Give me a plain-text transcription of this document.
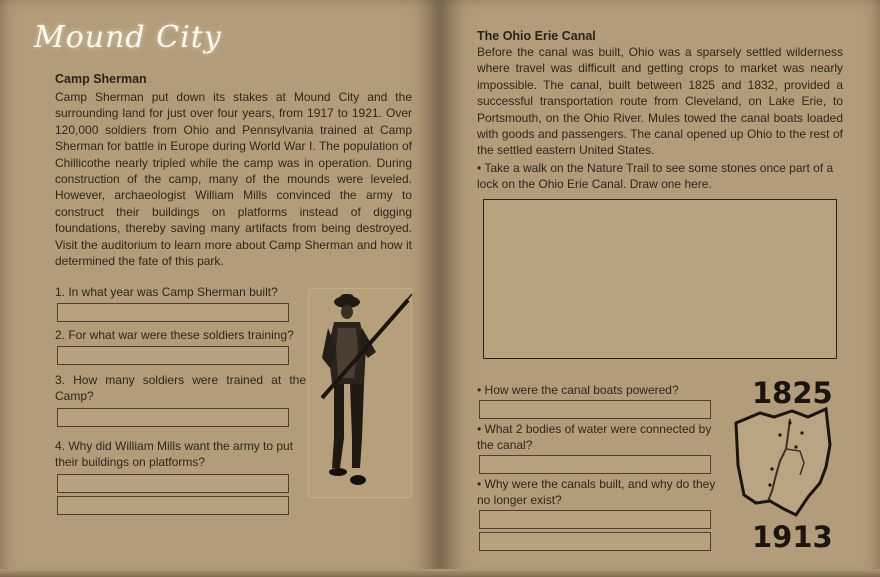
Mound City
Camp Sherman
Camp Sherman put down its stakes at Mound City and the surrounding land for just over four years, from 1917 to 1921. Over 120,000 soldiers from Ohio and Pennsylvania trained at Camp Sherman for battle in Europe during World War I. The population of Chillicothe nearly tripled while the camp was in operation. During construction of the camp, many of the mounds were leveled. However, archaeologist William Mills convinced the army to construct their buildings on platforms instead of digging foundations, thereby saving many artifacts from being destroyed. Visit the auditorium to learn more about Camp Sherman and how it determined the fate of this park.
1. In what year was Camp Sherman built?
2. For what war were these soldiers training?
3. How many soldiers were trained at the Camp?
4. Why did William Mills want the army to put their buildings on platforms?
The Ohio Erie Canal
Before the canal was built, Ohio was a sparsely settled wilderness where travel was difficult and getting crops to market was nearly impossible. The canal, built between 1825 and 1832, provided a successful transportation route from Cleveland, on Lake Erie, to Portsmouth, on the Ohio River. Mules towed the canal boats loaded with goods and passengers. The canal opened up Ohio to the rest of the settled eastern United States.
• Take a walk on the Nature Trail to see some stones once part of a lock on the Ohio Erie Canal. Draw one here.
• How were the canal boats powered?
• What 2 bodies of water were connected by the canal?
• Why were the canals built, and why do they no longer exist?
1825
1913
